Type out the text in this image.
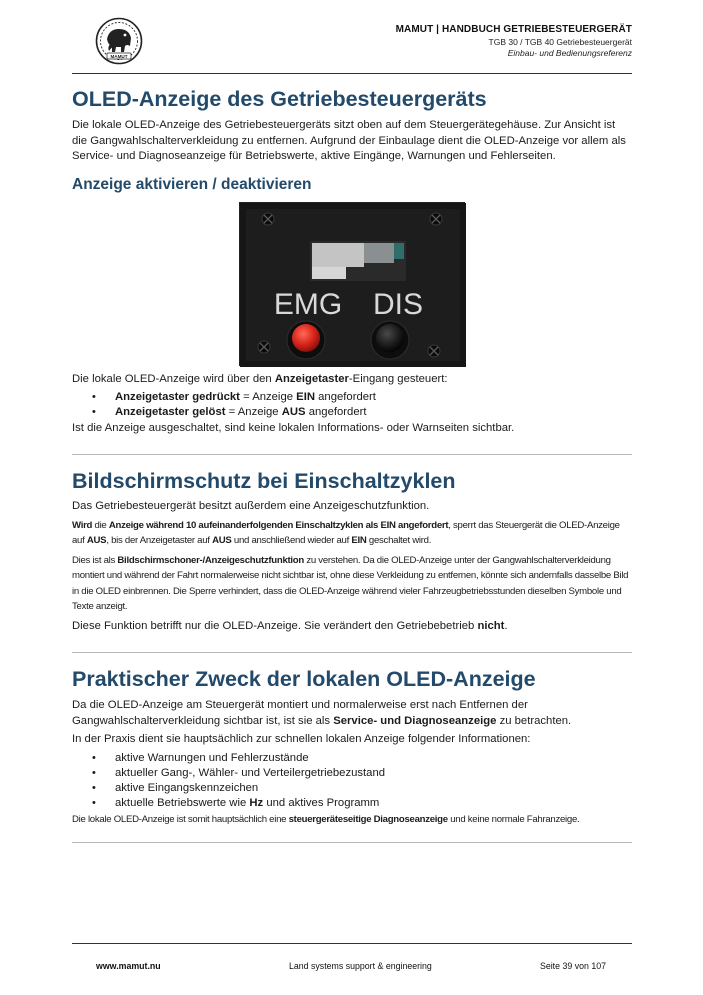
MAMUT
MAMUT | HANDBUCH GETRIEBESTEUERGERÄT
TGB 30 / TGB 40 Getriebesteuergerät
Einbau- und Bedienungsreferenz
OLED-Anzeige des Getriebesteuergeräts

Die lokale OLED-Anzeige des Getriebesteuergeräts sitzt oben auf dem Steuergerätegehäuse. Zur Ansicht ist die Gangwahlschalterverkleidung zu entfernen. Aufgrund der Einbaulage dient die OLED-Anzeige vor allem als Service- und Diagnoseanzeige für Betriebswerte, aktive Eingänge, Warnungen und Fehlerseiten.

Anzeige aktivieren / deaktivieren
EMG DIS

Die lokale OLED-Anzeige wird über den Anzeigetaster-Eingang gesteuert:

• Anzeigetaster gedrückt = Anzeige EIN angefordert
• Anzeigetaster gelöst = Anzeige AUS angefordert

Ist die Anzeige ausgeschaltet, sind keine lokalen Informations- oder Warnseiten sichtbar.

Bildschirmschutz bei Einschaltzyklen

Das Getriebesteuergerät besitzt außerdem eine Anzeigeschutzfunktion.

Wird die Anzeige während 10 aufeinanderfolgenden Einschaltzyklen als EIN angefordert, sperrt das Steuergerät die OLED-Anzeige auf AUS, bis der Anzeigetaster auf AUS und anschließend wieder auf EIN geschaltet wird.

Dies ist als Bildschirmschoner-/Anzeigeschutzfunktion zu verstehen. Da die OLED-Anzeige unter der Gangwahlschalterverkleidung montiert und während der Fahrt normalerweise nicht sichtbar ist, ohne diese Verkleidung zu entfernen, könnte sich andernfalls dasselbe Bild in die OLED einbrennen. Die Sperre verhindert, dass die OLED-Anzeige während vieler Fahrzeugbetriebsstunden dieselben Symbole und Texte anzeigt.

Diese Funktion betrifft nur die OLED-Anzeige. Sie verändert den Getriebebetrieb nicht.

Praktischer Zweck der lokalen OLED-Anzeige

Da die OLED-Anzeige am Steuergerät montiert und normalerweise erst nach Entfernen der Gangwahlschalterverkleidung sichtbar ist, ist sie als Service- und Diagnoseanzeige zu betrachten.

In der Praxis dient sie hauptsächlich zur schnellen lokalen Anzeige folgender Informationen:

• aktive Warnungen und Fehlerzustände
• aktueller Gang-, Wähler- und Verteilergetriebezustand
• aktive Eingangskennzeichen
• aktuelle Betriebswerte wie Hz und aktives Programm

Die lokale OLED-Anzeige ist somit hauptsächlich eine steuergeräteseitige Diagnoseanzeige und keine normale Fahranzeige.

www.mamut.nu	Land systems support & engineering	Seite 39 von 107
